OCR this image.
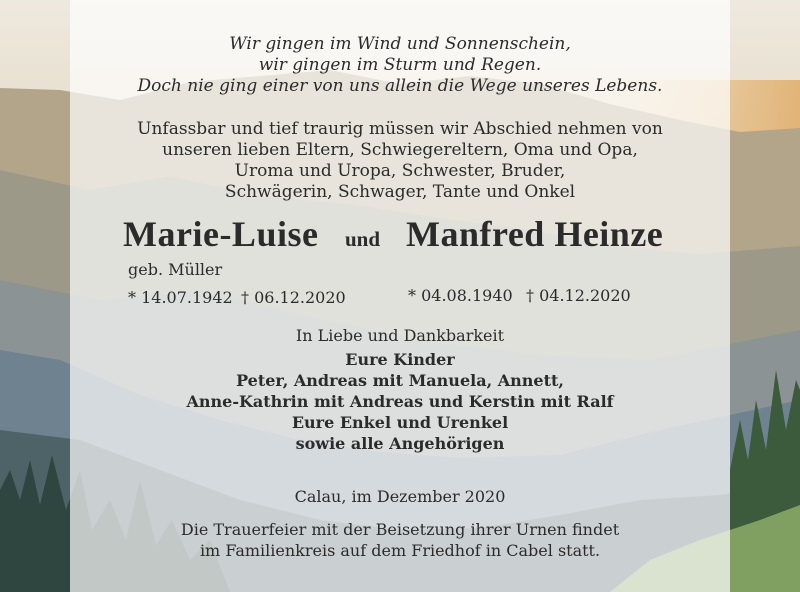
Wir gingen im Wind und Sonnenschein,

wir gingen im Sturm und Regen.

Doch nie ging einer von uns allein die Wege unseres Lebens.

Unfassbar und tief traurig müssen wir Abschied nehmen von

unseren lieben Eltern, Schwiegereltern, Oma und Opa,

Uroma und Uropa, Schwester, Bruder,

Schwägerin, Schwager, Tante und Onkel

Marie-Luise und Manfred Heinze

geb. Müller

* 14.07.1942 † 06.12.2020	* 04.08.1940 † 04.12.2020

In Liebe und Dankbarkeit

Eure Kinder

Peter, Andreas mit Manuela, Annett,

Anne-Kathrin mit Andreas und Kerstin mit Ralf

Eure Enkel und Urenkel

sowie alle Angehörigen

Calau, im Dezember 2020

Die Trauerfeier mit der Beisetzung ihrer Urnen findet

im Familienkreis auf dem Friedhof in Cabel statt.
